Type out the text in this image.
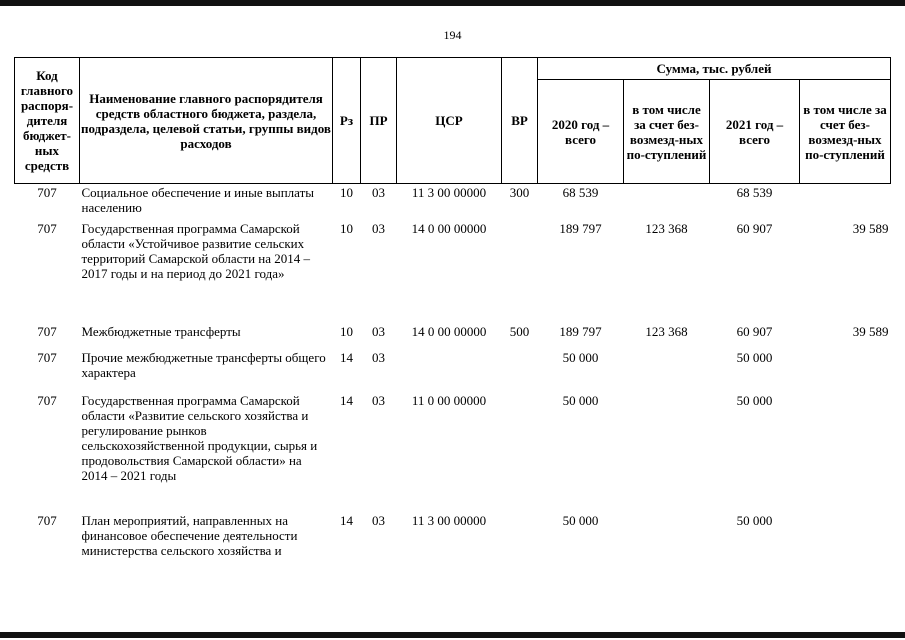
194
Код главного распоря-дителя бюджет-ных средств	Наименование главного распорядителя средств областного бюджета, раздела, подраздела, целевой статьи, группы видов расходов	Рз	ПР	ЦСР	ВР	Сумма, тыс. рублей			
						2020 год – всего	в том числе за счет без-возмезд-ных по-ступлений	2021 год – всего	в том числе за счет без-возмезд-ных по-ступлений
707	Социальное обеспечение и иные выплаты населению	10	03	11 3 00 00000	300	68 539		68 539	
707	Государственная программа Самарской области «Устойчивое развитие сельских территорий Самарской области на 2014 – 2017 годы и на период до 2021 года»	10	03	14 0 00 00000		189 797	123 368	60 907	39 589
707	Межбюджетные трансферты	10	03	14 0 00 00000	500	189 797	123 368	60 907	39 589
707	Прочие межбюджетные трансферты общего характера	14	03			50 000		50 000	
707	Государственная программа Самарской области «Развитие сельского хозяйства и регулирование рынков сельскохозяйственной продукции, сырья и продовольствия Самарской области» на 2014 – 2021 годы	14	03	11 0 00 00000		50 000		50 000	
707	План мероприятий, направленных на финансовое обеспечение деятельности министерства сельского хозяйства и	14	03	11 3 00 00000		50 000		50 000	
